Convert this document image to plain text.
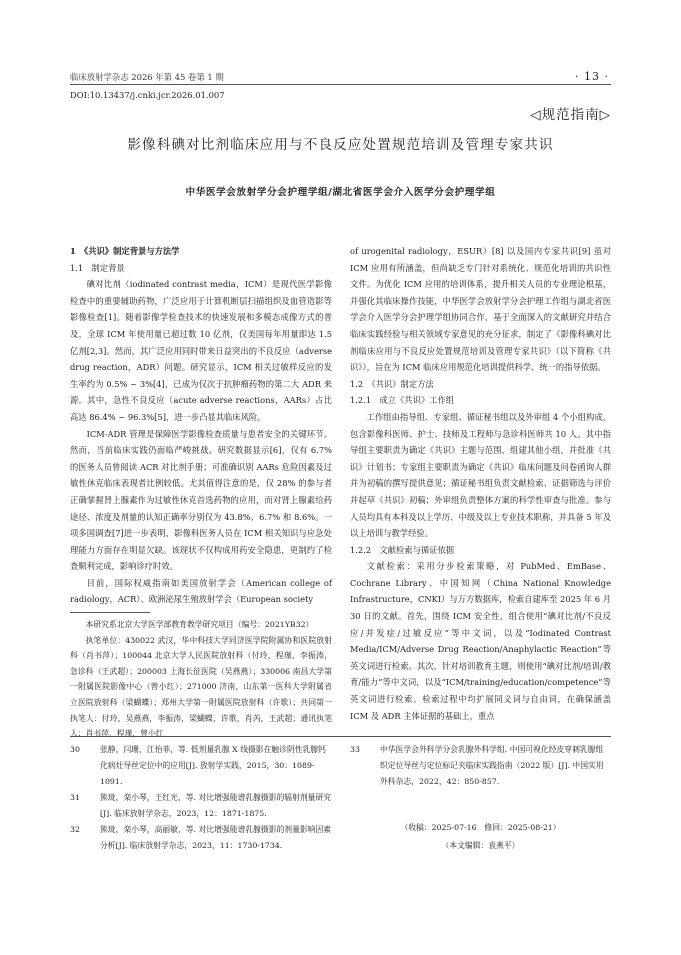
临床放射学杂志 2026 年第 45 卷第 1 期	· 13 ·
DOI:10.13437/j.cnki.jcr.2026.01.007
◁规范指南▷
影像科碘对比剂临床应用与不良反应处置规范培训及管理专家共识
中华医学会放射学分会护理学组/湖北省医学会介入医学分会护理学组

1　《共识》制定背景与方法学

1.1　制定背景

碘对比剂（iodinated contrast media，ICM）是现代医学影像检查中的重要辅助药物，广泛应用于计算机断层扫描组织及血管造影等影像检查[1]。随着影像学检查技术的快速发展和多模态成像方式的普及，全球 ICM 年使用量已超过数 10 亿剂，仅美国每年用量即达 1.5 亿剂[2,3]。然而，其广泛应用同时带来日益突出的不良反应（adverse drug reaction，ADR）问题。研究显示，ICM 相关过敏样反应的发生率约为 0.5% ~ 3%[4]，已成为仅次于抗肿瘤药物的第二大 ADR 来源。其中，急性不良反应（acute adverse reactions，AARs）占比高达 86.4% ~ 96.3%[5]，进一步凸显其临床风险。

ICM-ADR 管理是保障医学影像检查质量与患者安全的关键环节。然而，当前临床实践仍面临严峻挑战。研究数据显示[6]，仅有 6.7% 的医务人员曾阅读 ACR 对比剂手册；可准确识别 AARs 危险因素及过敏性休克临床表现者比例较低。尤其值得注意的是，仅 28% 的参与者正确掌握肾上腺素作为过敏性休克首选药物的应用，而对肾上腺素给药途径、浓度及剂量的认知正确率分别仅为 43.8%、6.7% 和 8.6%。一项多国调查[7]进一步表明，影像科医务人员在 ICM 相关知识与应急处理能力方面存在明显欠缺。该现状不仅构成用药安全隐患，更制约了检查顺利完成，影响诊疗时效。

目前，国际权威指南如美国放射学会（American college of radiology，ACR）、欧洲泌尿生殖放射学会（European society

本研究系北京大学医学部教育教学研究项目（编号：2021YB32）

执笔单位：430022 武汉，华中科技大学同济医学院附属协和医院放射科（肖书萍）；100044 北京大学人民医院放射科（付玲，程瑾，李振涛，急诊科（王武超）；200003 上海长征医院（吴燕燕）；330006 南昌大学第一附属医院影像中心（曾小红）；271000 济南，山东第一医科大学附属省立医院放射科（梁蝴蝶）；郑州大学第一附属医院放射科（许歌）；共同第一执笔人：付玲，吴燕燕，李振涛，梁蝴蝶，许歌，肖芮，王武超；通讯执笔人：肖书萍，程瑾，曾小红

of urogenital radiology，ESUR）[8] 以及国内专家共识[9] 虽对 ICM 应用有所涵盖，但尚缺乏专门针对系统化、规范化培训的共识性文件。为优化 ICM 应用的培训体系，提升相关人员的专业理论根基，并强化其临床操作技能，中华医学会放射学分会护理工作组与湖北省医学会介入医学分会护理学组协同合作，基于全面深入的文献研究并结合临床实践经验与相关领域专家意见的充分征求，制定了《影像科碘对比剂临床应用与不良反应处置规范培训及管理专家共识》（以下简称《共识》），旨在为 ICM 临床应用规范化培训提供科学、统一的指导依据。

1.2　《共识》制定方法

1.2.1　成立《共识》工作组

工作组由指导组、专家组、循证秘书组以及外审组 4 个小组构成，包含影像科医师、护士、技师及工程师与急诊科医师共 10 人。其中指导组主要职责为确定《共识》主题与范围，组建其他小组，并批准《共识》计划书；专家组主要职责为确定《共识》临床问题及问卷函询人群并为初稿的撰写提供意见；循证秘书组负责文献检索、证据筛选与评价并起草《共识》初稿；外审组负责整体方案的科学性审查与批准。参与人员均具有本科及以上学历、中级及以上专业技术职称，并具备 5 年及以上培训与教学经验。

1.2.2　文献检索与循证依据

文献检索：采用分步检索策略，对 PubMed、EmBase、Cochrane Library、中国知网（China National Knowledge Infrastructure，CNKI）与万方数据库，检索自建库至 2025 年 6 月 30 日的文献。首先，围绕 ICM 安全性，组合使用“碘对比剂/不良反应/并发症/过敏反应”等中文词，以及“Iodinated Contrast Media/ICM/Adverse Drug Reaction/Anaphylactic Reaction”等英文词进行检索。其次，针对培训教育主题，则使用“碘对比剂/培训/教育/能力”等中文词，以及“ICM/training/education/competence”等英文词进行检索。检索过程中均扩展同义词与自由词，在确保涵盖 ICM 及 ADR 主体证据的基础上，重点

30	张静，闫珊，江怡菲，等. 低剂量乳腺 X 线摄影在触诊阴性乳腺钙化病灶导丝定位中的应用[J]. 放射学实践，2015，30：1089-1091.
31	熊珑，栾小琴，王红光，等. 对比增强能谱乳腺摄影的辐射剂量研究[J]. 临床放射学杂志，2023，12：1871-1875.
32	熊珑，栾小琴，高丽敏，等. 对比增强能谱乳腺摄影的剂量影响因素分析[J]. 临床放射学杂志，2023，11：1730-1734.
33	中华医学会外科学分会乳腺外科学组. 中国可视化经皮穿刺乳腺组织定位导丝与定位标记夹临床实践指南（2022 版）[J]. 中国实用外科杂志，2022，42：850-857.
（收稿：2025-07-16　修回：2025-08-21）
（本文编辑：袁燕平）
